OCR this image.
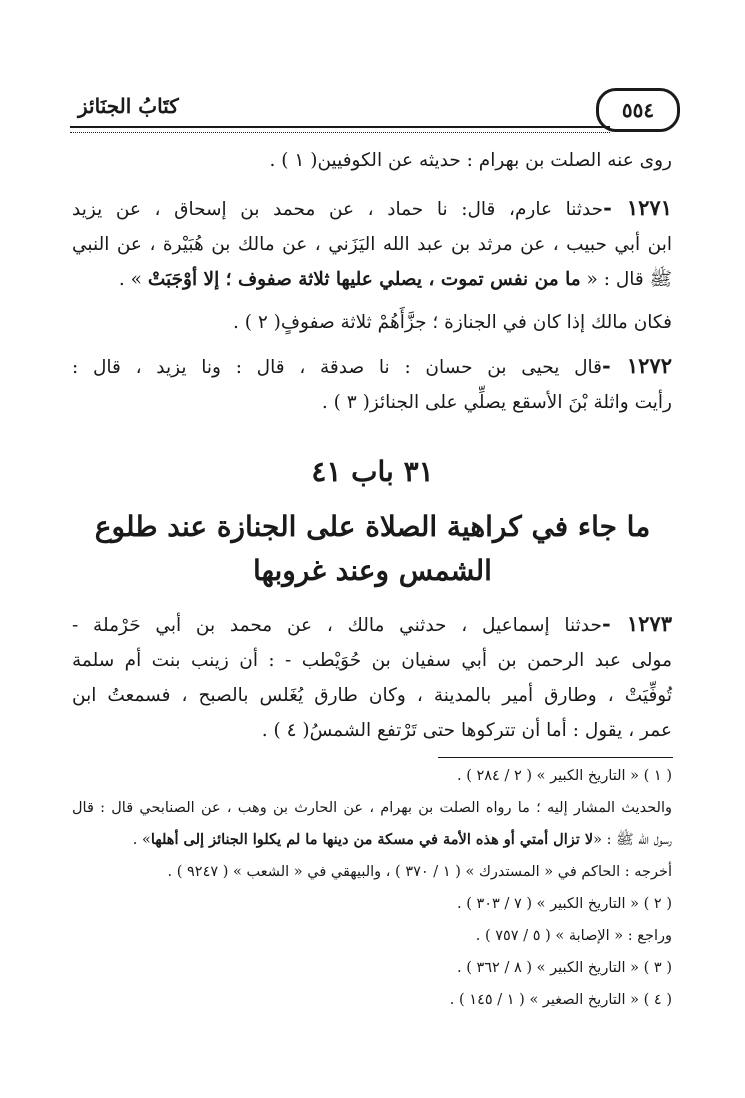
كتَابُ الجنَائز	٥٥٤
روى عنه الصلت بن بهرام : حديثه عن الكوفيين( ١ ) .
١٢٧١ -حدثنا عارم، قال: نا حماد ، عن محمد بن إسحاق ، عن يزيد
ابن أبي حبيب ، عن مرثد بن عبد الله اليَزَني ، عن مالك بن هُبَيْرة ، عن النبي
ﷺ قال : « ما من نفس تموت ، يصلي عليها ثلاثة صفوف ؛ إلا أوْجَبَتْ » .
فكان مالك إذا كان في الجنازة ؛ جزَّأَهُمْ ثلاثة صفوفٍ( ٢ ) .
١٢٧٢ -قال يحيى بن حسان : نا صدقة ، قال : ونا يزيد ، قال :
رأيت واثلة بْنَ الأسقع يصلِّي على الجنائز( ٣ ) .
٣١ باب ٤١
ما جاء في كراهية الصلاة على الجنازة عند طلوع
الشمس وعند غروبها
١٢٧٣ -حدثنا إسماعيل ، حدثني مالك ، عن محمد بن أبي حَرْملة -
مولى عبد الرحمن بن أبي سفيان بن حُوَيْطب - : أن زينب بنت أم سلمة
تُوفِّيَتْ ، وطارق أمير بالمدينة ، وكان طارق يُغَلس بالصبح ، فسمعتُ ابن
عمر ، يقول : أما أن تتركوها حتى تَرْتفع الشمسُ( ٤ ) .
( ١ ) « التاريخ الكبير » ( ٢ / ٢٨٤ ) .
والحديث المشار إليه ؛ ما رواه الصلت بن بهرام ، عن الحارث بن وهب ، عن الصنابحي قال : قال
رسول الله ﷺ : «لا تزال أمتي أو هذه الأمة في مسكة من دينها ما لم يكلوا الجنائز إلى أهلها» .
أخرجه : الحاكم في « المستدرك » ( ١ / ٣٧٠ ) ، والبيهقي في « الشعب » ( ٩٢٤٧ ) .
( ٢ ) « التاريخ الكبير » ( ٧ / ٣٠٣ ) .
وراجع : « الإصابة » ( ٥ / ٧٥٧ ) .
( ٣ ) « التاريخ الكبير » ( ٨ / ٣٦٢ ) .
( ٤ ) « التاريخ الصغير » ( ١ / ١٤٥ ) .
